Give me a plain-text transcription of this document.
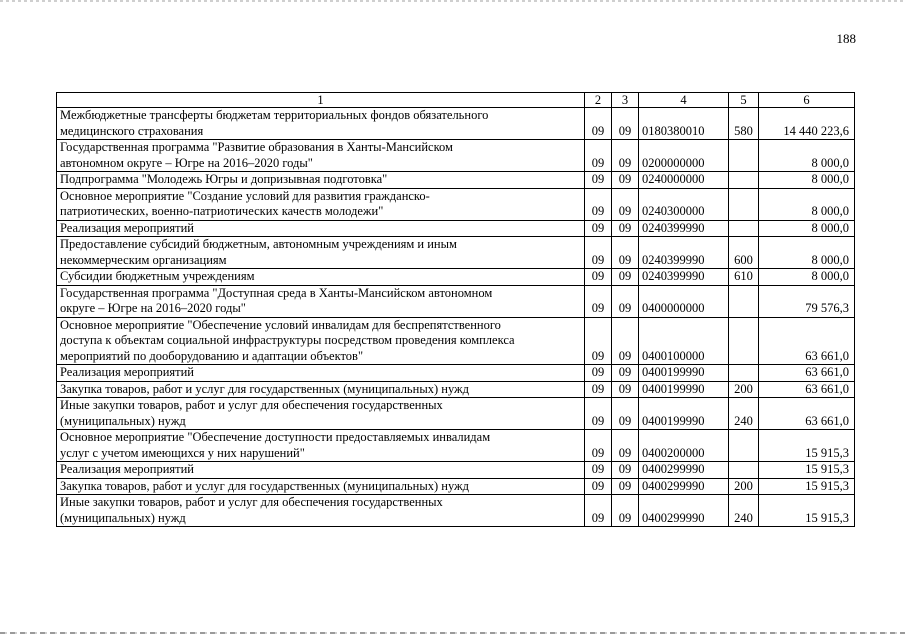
188
1	2	3	4	5	6

Межбюджетные трансферты бюджетам территориальных фондов обязательного
медицинского страхования	09	09	0180380010	580	14 440 223,6

Государственная программа "Развитие образования в Ханты-Мансийском
автономном округе – Югре на 2016–2020 годы"	09	09	0200000000		8 000,0

Подпрограмма "Молодежь Югры и допризывная подготовка"	09	09	0240000000		8 000,0

Основное мероприятие "Создание условий для развития гражданско-
патриотических, военно-патриотических качеств молодежи"	09	09	0240300000		8 000,0

Реализация мероприятий	09	09	0240399990		8 000,0

Предоставление субсидий бюджетным, автономным учреждениям и иным
некоммерческим организациям	09	09	0240399990	600	8 000,0

Субсидии бюджетным учреждениям	09	09	0240399990	610	8 000,0

Государственная программа "Доступная среда в Ханты-Мансийском автономном
округе – Югре на 2016–2020 годы"	09	09	0400000000		79 576,3

Основное мероприятие "Обеспечение условий инвалидам для беспрепятственного
доступа к объектам социальной инфраструктуры посредством проведения комплекса
мероприятий по дооборудованию и адаптации объектов"	09	09	0400100000		63 661,0

Реализация мероприятий	09	09	0400199990		63 661,0

Закупка товаров, работ и услуг для государственных (муниципальных) нужд	09	09	0400199990	200	63 661,0

Иные закупки товаров, работ и услуг для обеспечения государственных
(муниципальных) нужд	09	09	0400199990	240	63 661,0

Основное мероприятие "Обеспечение доступности предоставляемых инвалидам
услуг с учетом имеющихся у них нарушений"	09	09	0400200000		15 915,3

Реализация мероприятий	09	09	0400299990		15 915,3

Закупка товаров, работ и услуг для государственных (муниципальных) нужд	09	09	0400299990	200	15 915,3

Иные закупки товаров, работ и услуг для обеспечения государственных
(муниципальных) нужд	09	09	0400299990	240	15 915,3
